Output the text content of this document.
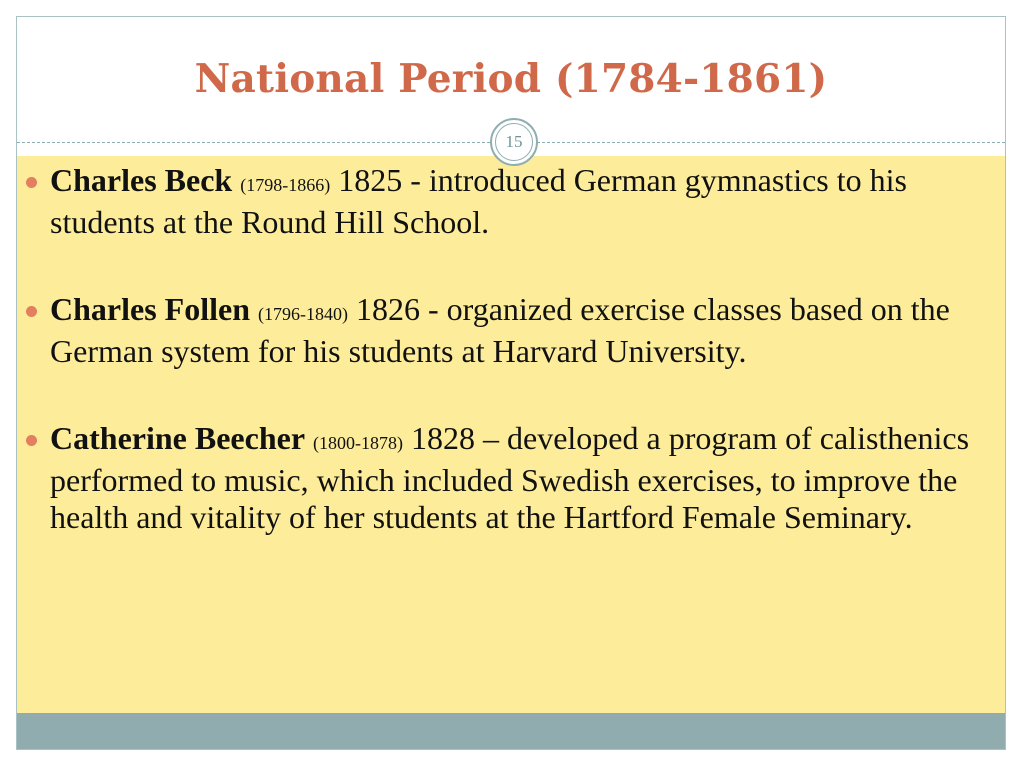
National Period (1784-1861)
15
Charles Beck (1798-1866) 1825 - introduced German gymnastics to his students at the Round Hill School.
Charles Follen (1796-1840) 1826 - organized exercise classes based on the German system for his students at Harvard University.
Catherine Beecher (1800-1878) 1828 – developed a program of calisthenics performed to music, which included Swedish exercises, to improve the health and vitality of her students at the Hartford Female Seminary.
